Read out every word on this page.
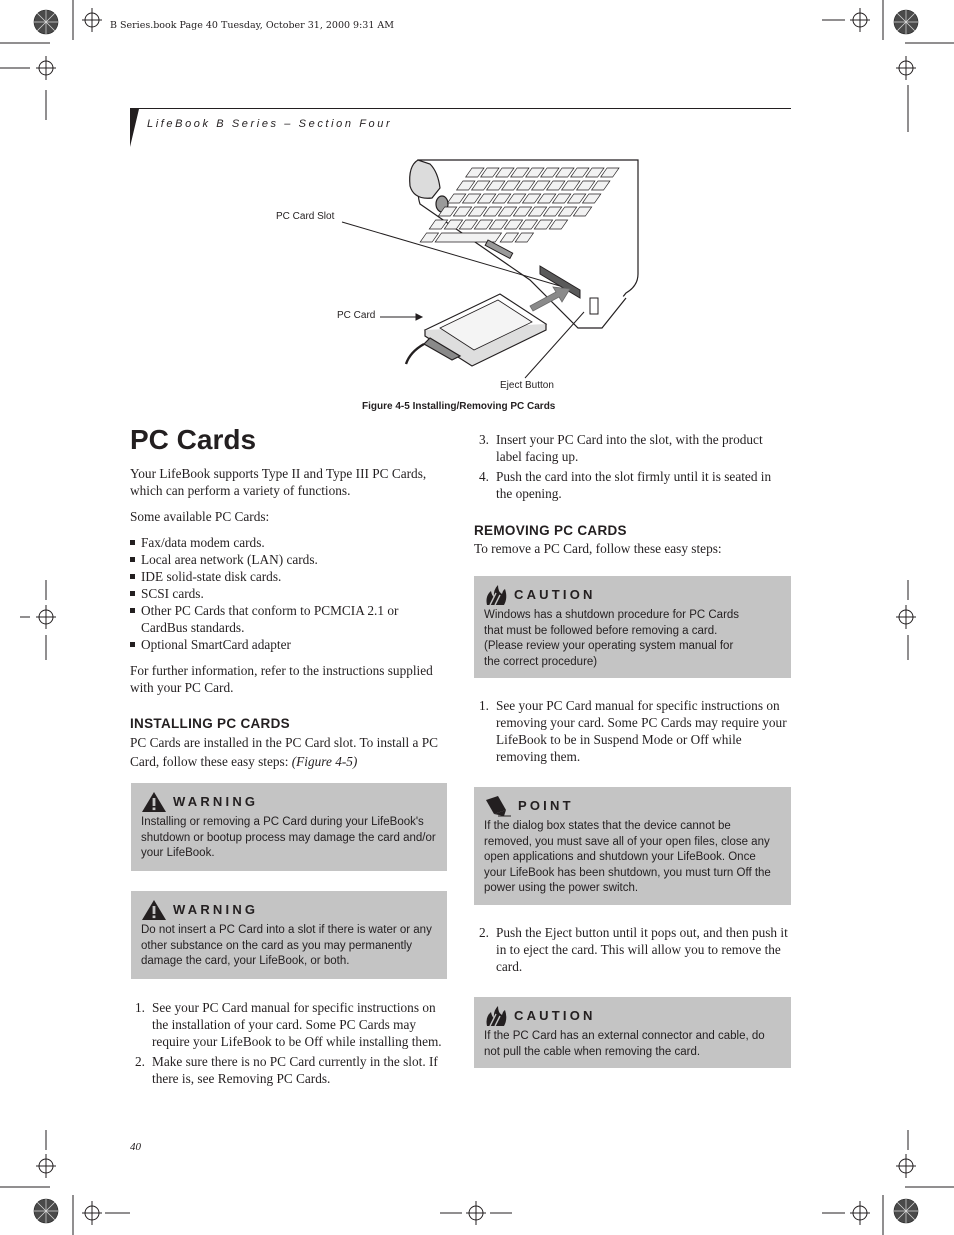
B Series.book Page 40 Tuesday, October 31, 2000 9:31 AM
LifeBook B Series – Section Four
PC Card Slot
PC Card
Eject Button
Figure 4-5 Installing/Removing PC Cards
PC Cards

Your LifeBook supports Type II and Type III PC Cards, which can perform a variety of functions.

Some available PC Cards:

Fax/data modem cards.
Local area network (LAN) cards.
IDE solid-state disk cards.
SCSI cards.
Other PC Cards that conform to PCMCIA 2.1 or CardBus standards.
Optional SmartCard adapter

For further information, refer to the instructions supplied with your PC Card.

INSTALLING PC CARDS

PC Cards are installed in the PC Card slot. To install a PC Card, follow these easy steps: (Figure 4-5)

WARNING
Installing or removing a PC Card during your LifeBook's shutdown or bootup process may damage the card and/or your LifeBook.
WARNING
Do not insert a PC Card into a slot if there is water or any other substance on the card as you may permanently damage the card, your LifeBook, or both.
1. See your PC Card manual for specific instructions on the installation of your card. Some PC Cards may require your LifeBook to be Off while installing them.
2. Make sure there is no PC Card currently in the slot. If there is, see Removing PC Cards.
3. Insert your PC Card into the slot, with the product label facing up.
4. Push the card into the slot firmly until it is seated in the opening.
REMOVING PC CARDS

To remove a PC Card, follow these easy steps:

CAUTION
Windows has a shutdown procedure for PC Cards
that must be followed before removing a card.
(Please review your operating system manual for
the correct procedure)
1. See your PC Card manual for specific instructions on removing your card. Some PC Cards may require your LifeBook to be in Suspend Mode or Off while removing them.
POINT
If the dialog box states that the device cannot be removed, you must save all of your open files, close any open applications and shutdown your LifeBook. Once your LifeBook has been shutdown, you must turn Off the power using the power switch.
2. Push the Eject button until it pops out, and then push it in to eject the card. This will allow you to remove the card.
CAUTION
If the PC Card has an external connector and cable, do not pull the cable when removing the card.
40
